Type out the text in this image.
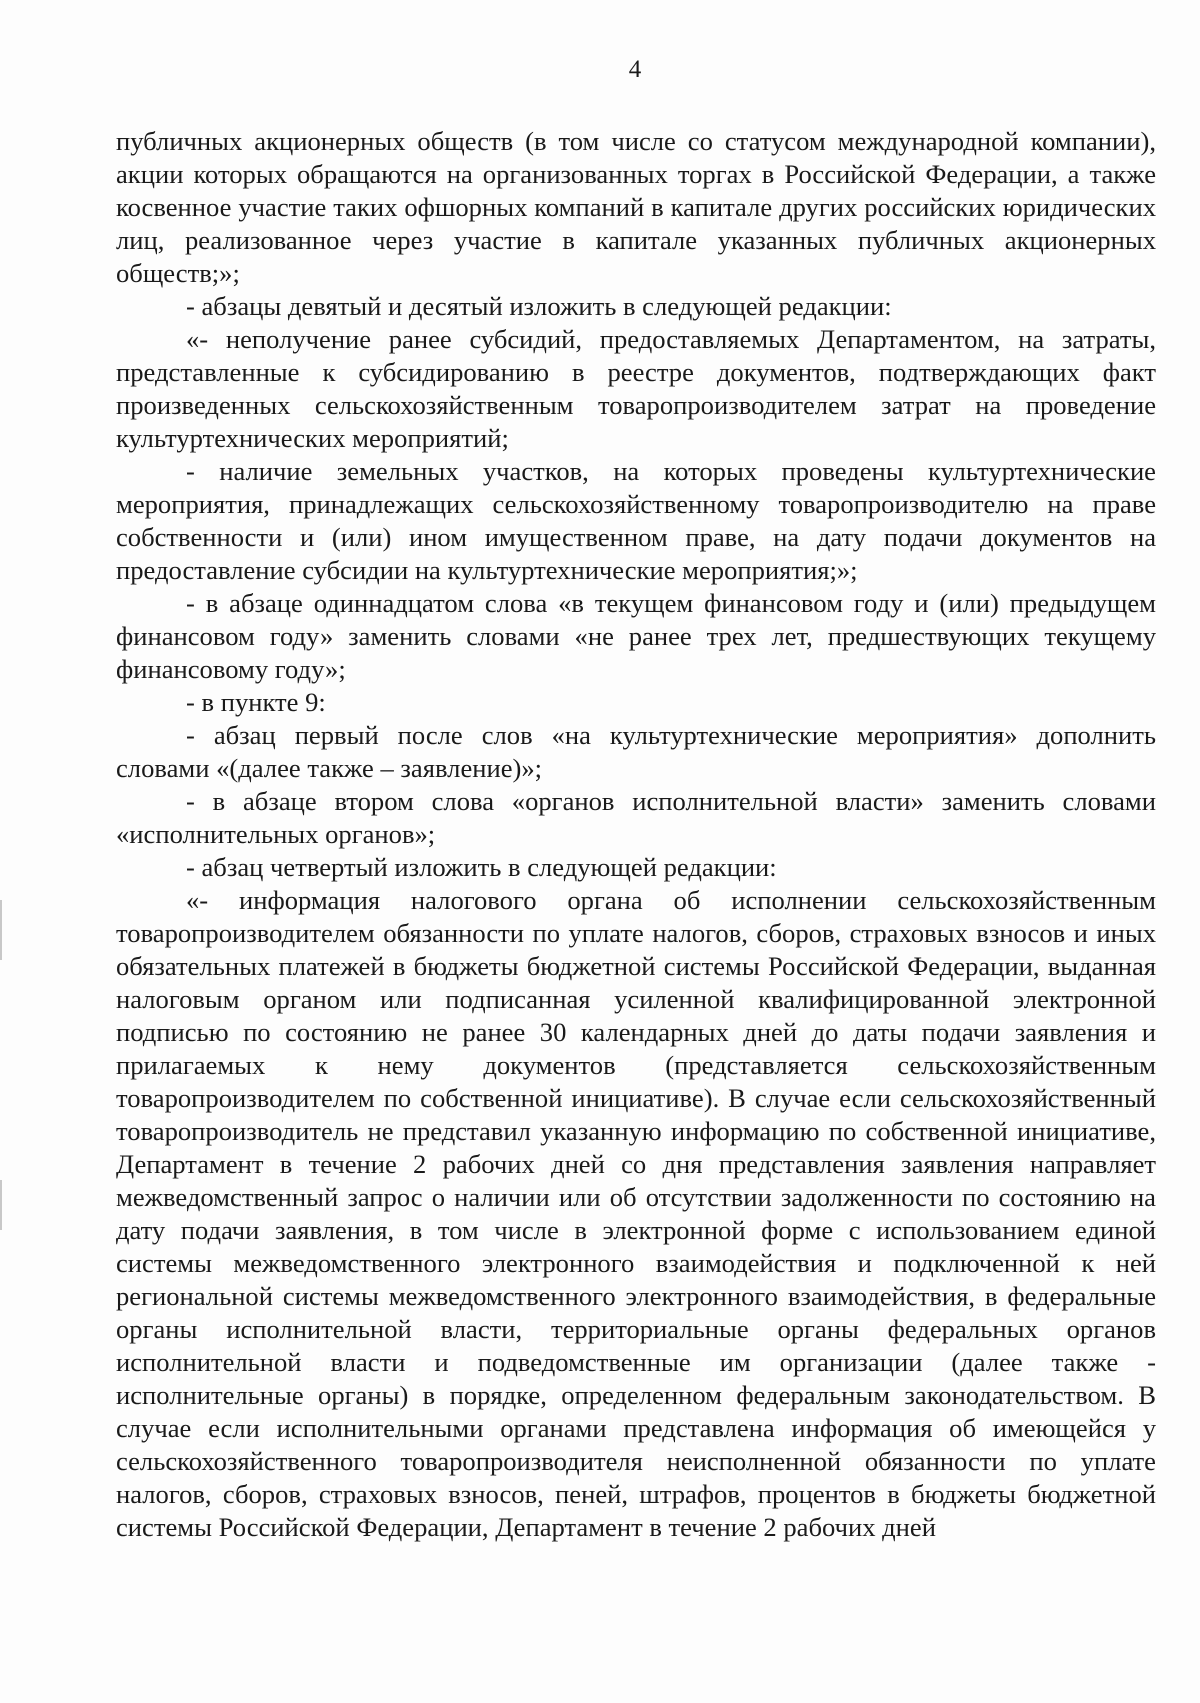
4

публичных акционерных обществ (в том числе со статусом международной компании), акции которых обращаются на организованных торгах в Российской Федерации, а также косвенное участие таких офшорных компаний в капитале других российских юридических лиц, реализованное через участие в капитале указанных публичных акционерных обществ;»;

- абзацы девятый и десятый изложить в следующей редакции:

«- неполучение ранее субсидий, предоставляемых Департаментом, на затраты, представленные к субсидированию в реестре документов, подтверждающих факт произведенных сельскохозяйственным товаропроизводителем затрат на проведение культуртехнических мероприятий;

- наличие земельных участков, на которых проведены культуртехнические мероприятия, принадлежащих сельскохозяйственному товаропроизводителю на праве собственности и (или) ином имущественном праве, на дату подачи документов на предоставление субсидии на культуртехнические мероприятия;»;

- в абзаце одиннадцатом слова «в текущем финансовом году и (или) предыдущем финансовом году» заменить словами «не ранее трех лет, предшествующих текущему финансовому году»;

- в пункте 9:

- абзац первый после слов «на культуртехнические мероприятия» дополнить словами «(далее также – заявление)»;

- в абзаце втором слова «органов исполнительной власти» заменить словами «исполнительных органов»;

- абзац четвертый изложить в следующей редакции:

«- информация налогового органа об исполнении сельскохозяйственным товаропроизводителем обязанности по уплате налогов, сборов, страховых взносов и иных обязательных платежей в бюджеты бюджетной системы Российской Федерации, выданная налоговым органом или подписанная усиленной квалифицированной электронной подписью по состоянию не ранее 30 календарных дней до даты подачи заявления и прилагаемых к нему документов (представляется сельскохозяйственным товаропроизводителем по собственной инициативе). В случае если сельскохозяйственный товаропроизводитель не представил указанную информацию по собственной инициативе, Департамент в течение 2 рабочих дней со дня представления заявления направляет межведомственный запрос о наличии или об отсутствии задолженности по состоянию на дату подачи заявления, в том числе в электронной форме с использованием единой системы межведомственного электронного взаимодействия и подключенной к ней региональной системы межведомственного электронного взаимодействия, в федеральные органы исполнительной власти, территориальные органы федеральных органов исполнительной власти и подведомственные им организации (далее также - исполнительные органы) в порядке, определенном федеральным законодательством. В случае если исполнительными органами представлена информация об имеющейся у сельскохозяйственного товаропроизводителя неисполненной обязанности по уплате налогов, сборов, страховых взносов, пеней, штрафов, процентов в бюджеты бюджетной системы Российской Федерации, Департамент в течение 2 рабочих дней
